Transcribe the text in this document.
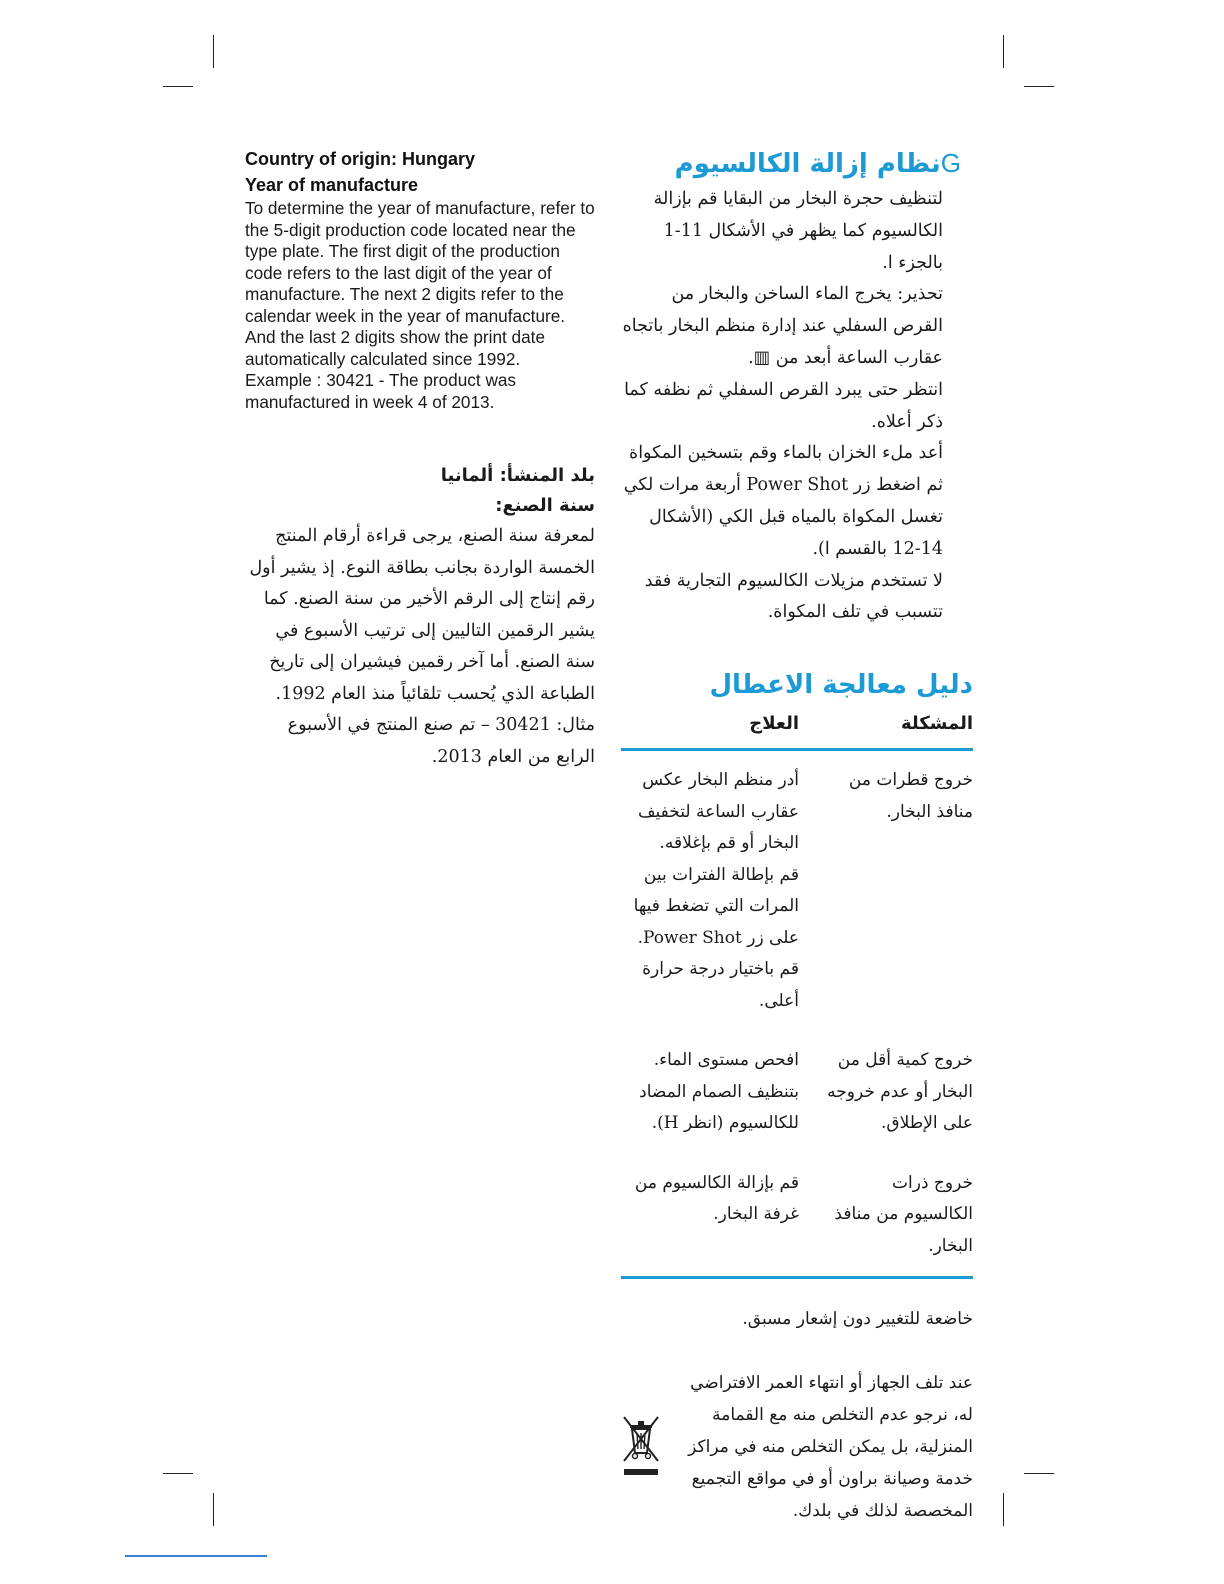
Country of origin: Hungary

Year of manufacture

To determine the year of manufacture, refer to the 5-digit production code located near the type plate. The first digit of the production code refers to the last digit of the year of manufacture. The next 2 digits refer to the calendar week in the year of manufacture. And the last 2 digits show the print date automatically calculated since 1992.

Example : 30421 - The product was manufactured in week 4 of 2013.

بلد المنشأ: ألمانيا

سنة الصنع:

لمعرفة سنة الصنع، يرجى قراءة أرقام المنتج الخمسة الواردة بجانب بطاقة النوع. إذ يشير أول رقم إنتاج إلى الرقم الأخير من سنة الصنع. كما يشير الرقمين التاليين إلى ترتيب الأسبوع في سنة الصنع. أما آخر رقمين فيشيران إلى تاريخ الطباعة الذي يُحسب تلقائياً منذ العام 1992.

مثال: 30421 – تم صنع المنتج في الأسبوع الرابع من العام 2013.

Gنظام إزالة الكالسيوم

لتنظيف حجرة البخار من البقايا قم بإزالة الكالسيوم كما يظهر في الأشكال 11-1 بالجزء ا.

تحذير: يخرج الماء الساخن والبخار من القرص السفلي عند إدارة منظم البخار باتجاه عقارب الساعة أبعد من ▥.

انتظر حتى يبرد القرص السفلي ثم نظفه كما ذكر أعلاه.

أعد ملء الخزان بالماء وقم بتسخين المكواة ثم اضغط زر Power Shot أربعة مرات لكي تغسل المكواة بالمياه قبل الكي (الأشكال 14-12 بالقسم ا).

لا تستخدم مزيلات الكالسيوم التجارية فقد تتسبب في تلف المكواة.

دليل معالجة الاعطال
المشكلة	العلاج
خروج قطرات من منافذ البخار.	أدر منظم البخار عكس عقارب الساعة لتخفيف البخار أو قم بإغلاقه.
قم بإطالة الفترات بين المرات التي تضغط فيها على زر Power Shot.
قم باختيار درجة حرارة أعلى.

خروج كمية أقل من البخار أو عدم خروجه على الإطلاق.	افحص مستوى الماء.
بتنظيف الصمام المضاد للكالسيوم (انظر H).

خروج ذرات الكالسيوم من منافذ البخار.	قم بإزالة الكالسيوم من غرفة البخار.

خاضعة للتغيير دون إشعار مسبق.

عند تلف الجهاز أو انتهاء العمر الافتراضي له، نرجو عدم التخلص منه مع القمامة المنزلية، بل يمكن التخلص منه في مراكز خدمة وصيانة براون أو في مواقع التجميع المخصصة لذلك في بلدك.
